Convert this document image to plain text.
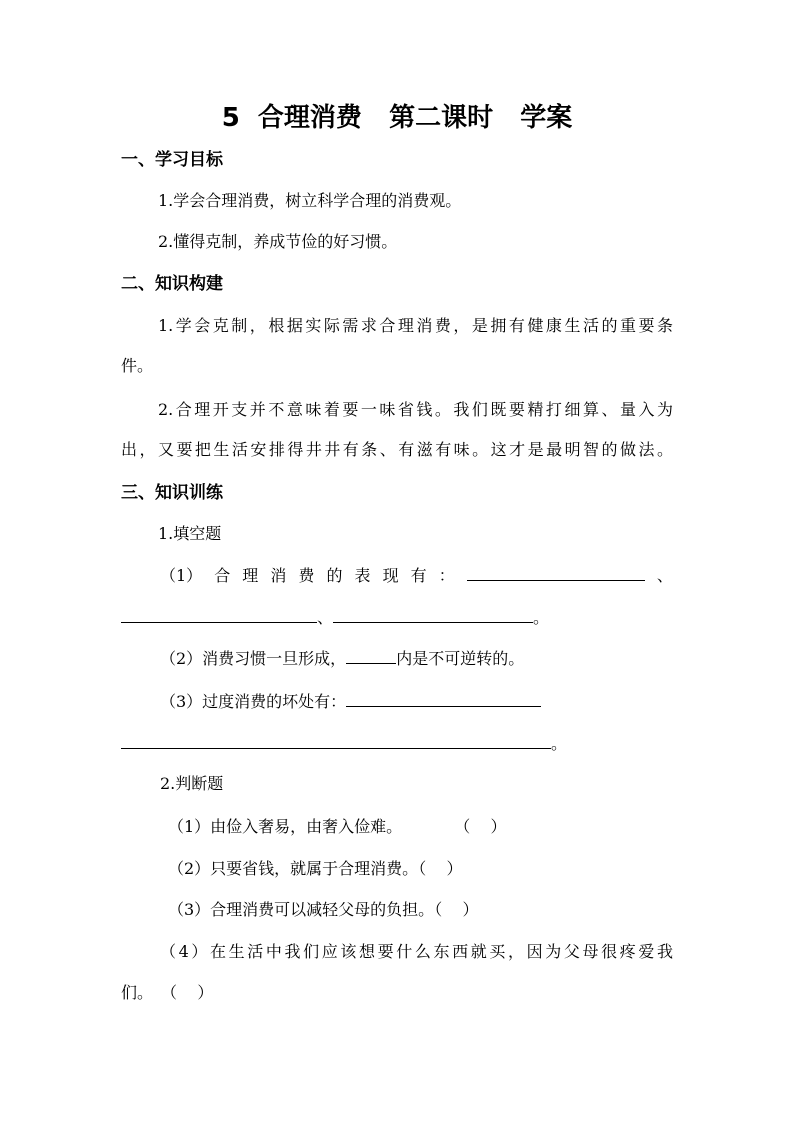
5  合理消费   第二课时   学案
一、学习目标
1.学会合理消费，树立科学合理的消费观。
2.懂得克制，养成节俭的好习惯。
二、知识构建
1.学会克制，根据实际需求合理消费，是拥有健康生活的重要条
件。
2.合理开支并不意味着要一味省钱。我们既要精打细算、量入为
出，又要把生活安排得井井有条、有滋有味。这才是最明智的做法。
三、知识训练
1.填空题
（1） 合 理 消 费 的 表 现 有 ：	、
、	。
（2）消费习惯一旦形成，	内是不可逆转的。
（3）过度消费的坏处有：
。
2.判断题
（1）由俭入奢易，由奢入俭难。	（    ）
（2）只要省钱，就属于合理消费。（    ）
（3）合理消费可以减轻父母的负担。（    ）
（4）在生活中我们应该想要什么东西就买，因为父母很疼爱我
们。 （    ）
